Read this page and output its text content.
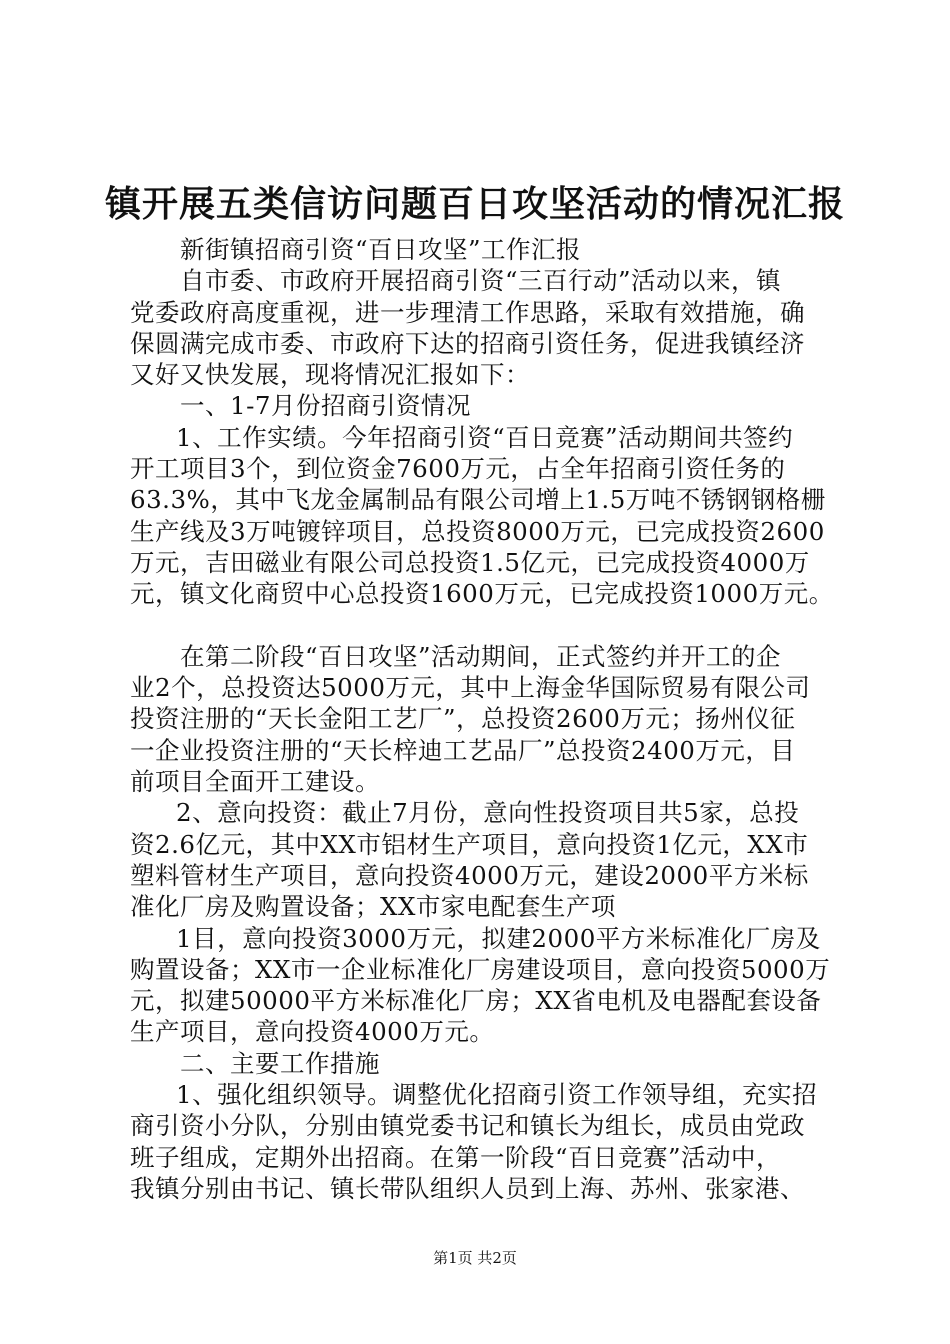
镇开展五类信访问题百日攻坚活动的情况汇报
新街镇招商引资“百日攻坚”工作汇报
自市委、市政府开展招商引资“三百行动”活动以来，镇
党委政府高度重视，进一步理清工作思路，采取有效措施，确
保圆满完成市委、市政府下达的招商引资任务，促进我镇经济
又好又快发展，现将情况汇报如下：
一、1-7月份招商引资情况
1、工作实绩。今年招商引资“百日竞赛”活动期间共签约
开工项目3个，到位资金7600万元，占全年招商引资任务的
63.3%，其中飞龙金属制品有限公司增上1.5万吨不锈钢钢格栅
生产线及3万吨镀锌项目，总投资8000万元，已完成投资2600
万元，吉田磁业有限公司总投资1.5亿元，已完成投资4000万
元，镇文化商贸中心总投资1600万元，已完成投资1000万元。
在第二阶段“百日攻坚”活动期间，正式签约并开工的企
业2个，总投资达5000万元，其中上海金华国际贸易有限公司
投资注册的“天长金阳工艺厂”，总投资2600万元；扬州仪征
一企业投资注册的“天长梓迪工艺品厂”总投资2400万元，目
前项目全面开工建设。
2、意向投资：截止7月份，意向性投资项目共5家，总投
资2.6亿元，其中XX市铝材生产项目，意向投资1亿元，XX市
塑料管材生产项目，意向投资4000万元，建设2000平方米标
准化厂房及购置设备；XX市家电配套生产项
1目，意向投资3000万元，拟建2000平方米标准化厂房及
购置设备；XX市一企业标准化厂房建设项目，意向投资5000万
元，拟建50000平方米标准化厂房；XX省电机及电器配套设备
生产项目，意向投资4000万元。
二、主要工作措施
1、强化组织领导。调整优化招商引资工作领导组，充实招
商引资小分队，分别由镇党委书记和镇长为组长，成员由党政
班子组成，定期外出招商。在第一阶段“百日竞赛”活动中，
我镇分别由书记、镇长带队组织人员到上海、苏州、张家港、
第1页 共2页
